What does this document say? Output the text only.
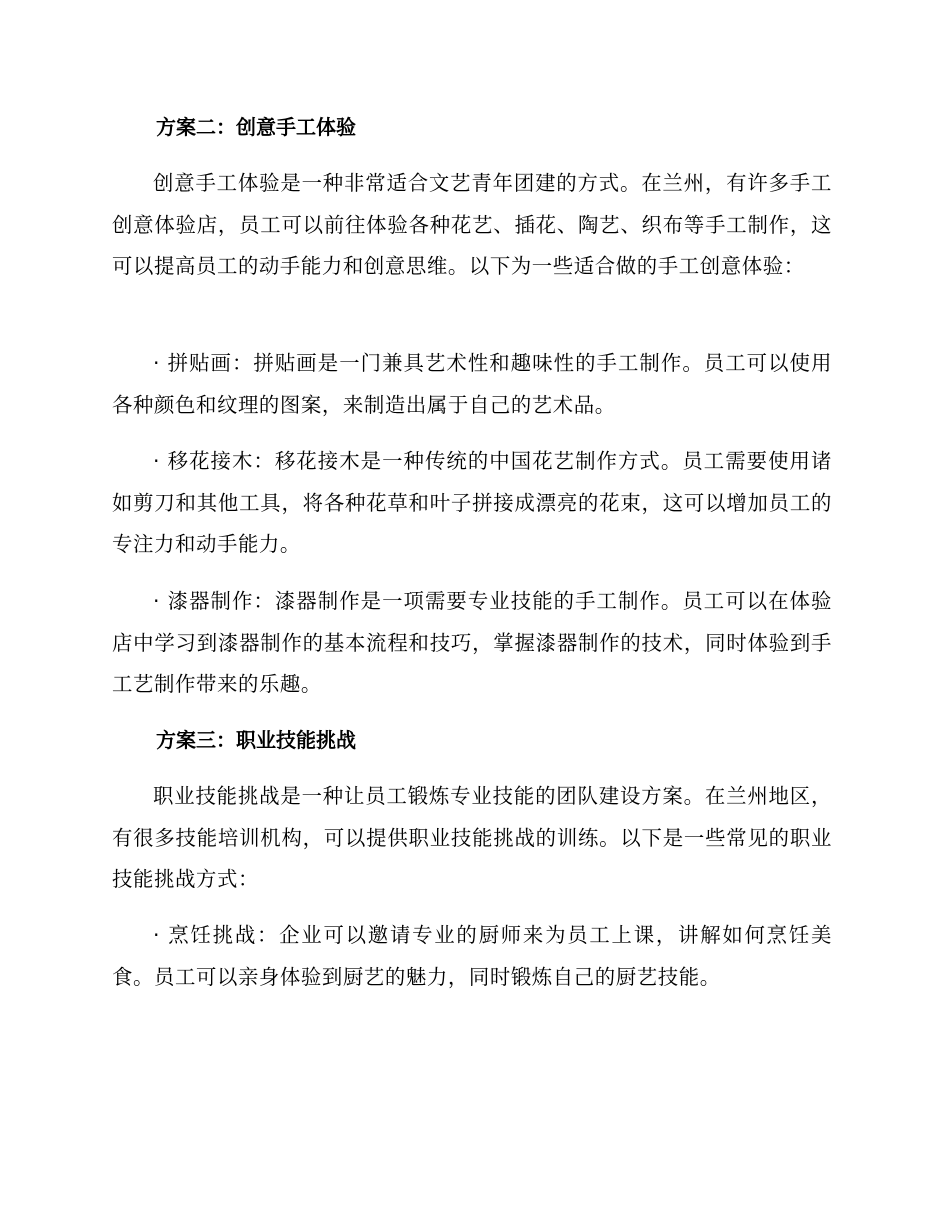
方案二：创意手工体验

创意手工体验是一种非常适合文艺青年团建的方式。在兰州，有许多手工创意体验店，员工可以前往体验各种花艺、插花、陶艺、织布等手工制作，这可以提高员工的动手能力和创意思维。以下为一些适合做的手工创意体验：

· 拼贴画：拼贴画是一门兼具艺术性和趣味性的手工制作。员工可以使用各种颜色和纹理的图案，来制造出属于自己的艺术品。

· 移花接木：移花接木是一种传统的中国花艺制作方式。员工需要使用诸如剪刀和其他工具，将各种花草和叶子拼接成漂亮的花束，这可以增加员工的专注力和动手能力。

· 漆器制作：漆器制作是一项需要专业技能的手工制作。员工可以在体验店中学习到漆器制作的基本流程和技巧，掌握漆器制作的技术，同时体验到手工艺制作带来的乐趣。

方案三：职业技能挑战

职业技能挑战是一种让员工锻炼专业技能的团队建设方案。在兰州地区，有很多技能培训机构，可以提供职业技能挑战的训练。以下是一些常见的职业技能挑战方式：

· 烹饪挑战：企业可以邀请专业的厨师来为员工上课，讲解如何烹饪美食。员工可以亲身体验到厨艺的魅力，同时锻炼自己的厨艺技能。
